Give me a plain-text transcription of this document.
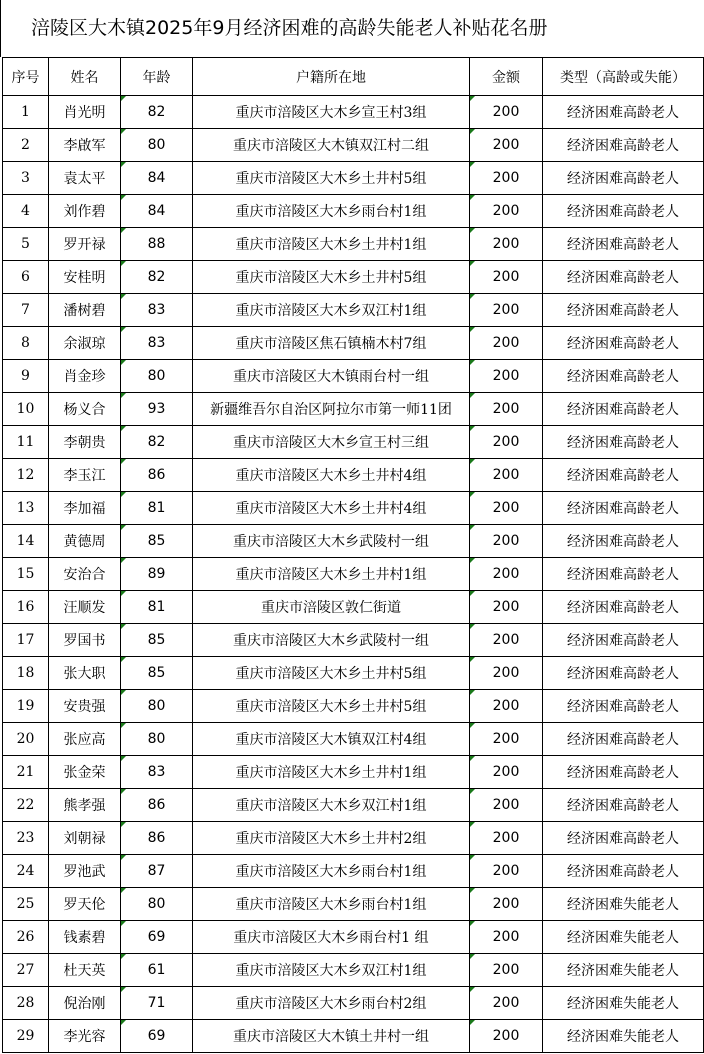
涪陵区大木镇2025年9月经济困难的高龄失能老人补贴花名册
序号	姓名	年龄	户籍所在地	金额	类型（高龄或失能）
1	肖光明	82	重庆市涪陵区大木乡宣王村3组	200	经济困难高龄老人
2	李啟军	80	重庆市涪陵区大木镇双江村二组	200	经济困难高龄老人
3	袁太平	84	重庆市涪陵区大木乡土井村5组	200	经济困难高龄老人
4	刘作碧	84	重庆市涪陵区大木乡雨台村1组	200	经济困难高龄老人
5	罗开禄	88	重庆市涪陵区大木乡土井村1组	200	经济困难高龄老人
6	安桂明	82	重庆市涪陵区大木乡土井村5组	200	经济困难高龄老人
7	潘树碧	83	重庆市涪陵区大木乡双江村1组	200	经济困难高龄老人
8	余淑琼	83	重庆市涪陵区焦石镇楠木村7组	200	经济困难高龄老人
9	肖金珍	80	重庆市涪陵区大木镇雨台村一组	200	经济困难高龄老人
10	杨义合	93	新疆维吾尔自治区阿拉尔市第一师11团	200	经济困难高龄老人
11	李朝贵	82	重庆市涪陵区大木乡宣王村三组	200	经济困难高龄老人
12	李玉江	86	重庆市涪陵区大木乡土井村4组	200	经济困难高龄老人
13	李加福	81	重庆市涪陵区大木乡土井村4组	200	经济困难高龄老人
14	黄德周	85	重庆市涪陵区大木乡武陵村一组	200	经济困难高龄老人
15	安治合	89	重庆市涪陵区大木乡土井村1组	200	经济困难高龄老人
16	汪顺发	81	重庆市涪陵区敦仁街道	200	经济困难高龄老人
17	罗国书	85	重庆市涪陵区大木乡武陵村一组	200	经济困难高龄老人
18	张大职	85	重庆市涪陵区大木乡土井村5组	200	经济困难高龄老人
19	安贵强	80	重庆市涪陵区大木乡土井村5组	200	经济困难高龄老人
20	张应高	80	重庆市涪陵区大木镇双江村4组	200	经济困难高龄老人
21	张金荣	83	重庆市涪陵区大木乡土井村1组	200	经济困难高龄老人
22	熊孝强	86	重庆市涪陵区大木乡双江村1组	200	经济困难高龄老人
23	刘朝禄	86	重庆市涪陵区大木乡土井村2组	200	经济困难高龄老人
24	罗池武	87	重庆市涪陵区大木乡雨台村1组	200	经济困难高龄老人
25	罗天伦	80	重庆市涪陵区大木乡雨台村1组	200	经济困难失能老人
26	钱素碧	69	重庆市涪陵区大木乡雨台村1 组	200	经济困难失能老人
27	杜天英	61	重庆市涪陵区大木乡双江村1组	200	经济困难失能老人
28	倪治刚	71	重庆市涪陵区大木乡雨台村2组	200	经济困难失能老人
29	李光容	69	重庆市涪陵区大木镇土井村一组	200	经济困难失能老人
